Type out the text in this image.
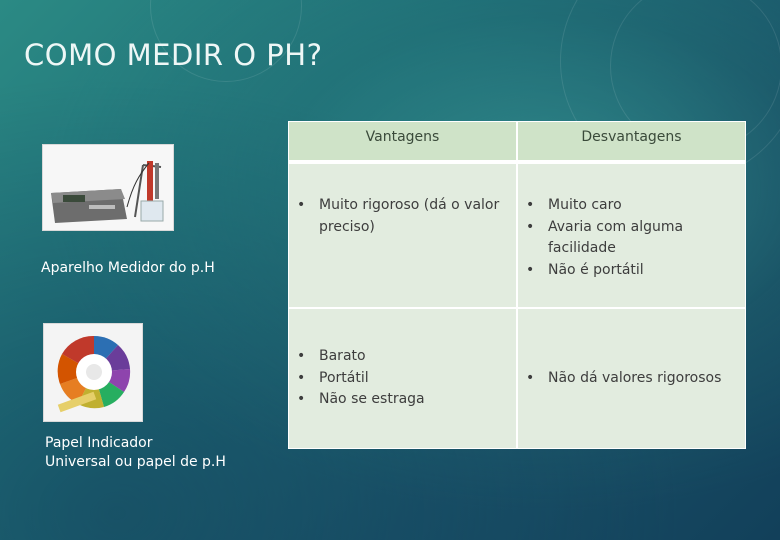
COMO MEDIR O PH?
Aparelho Medidor do p.H
Papel Indicador
Universal ou papel de p.H
Vantagens	Desvantagens
• Muito rigoroso (dá o valor
preciso)
• Muito caro
• Avaria com alguma
facilidade
• Não é portátil
• Barato
• Portátil
• Não se estraga
• Não dá valores rigorosos
